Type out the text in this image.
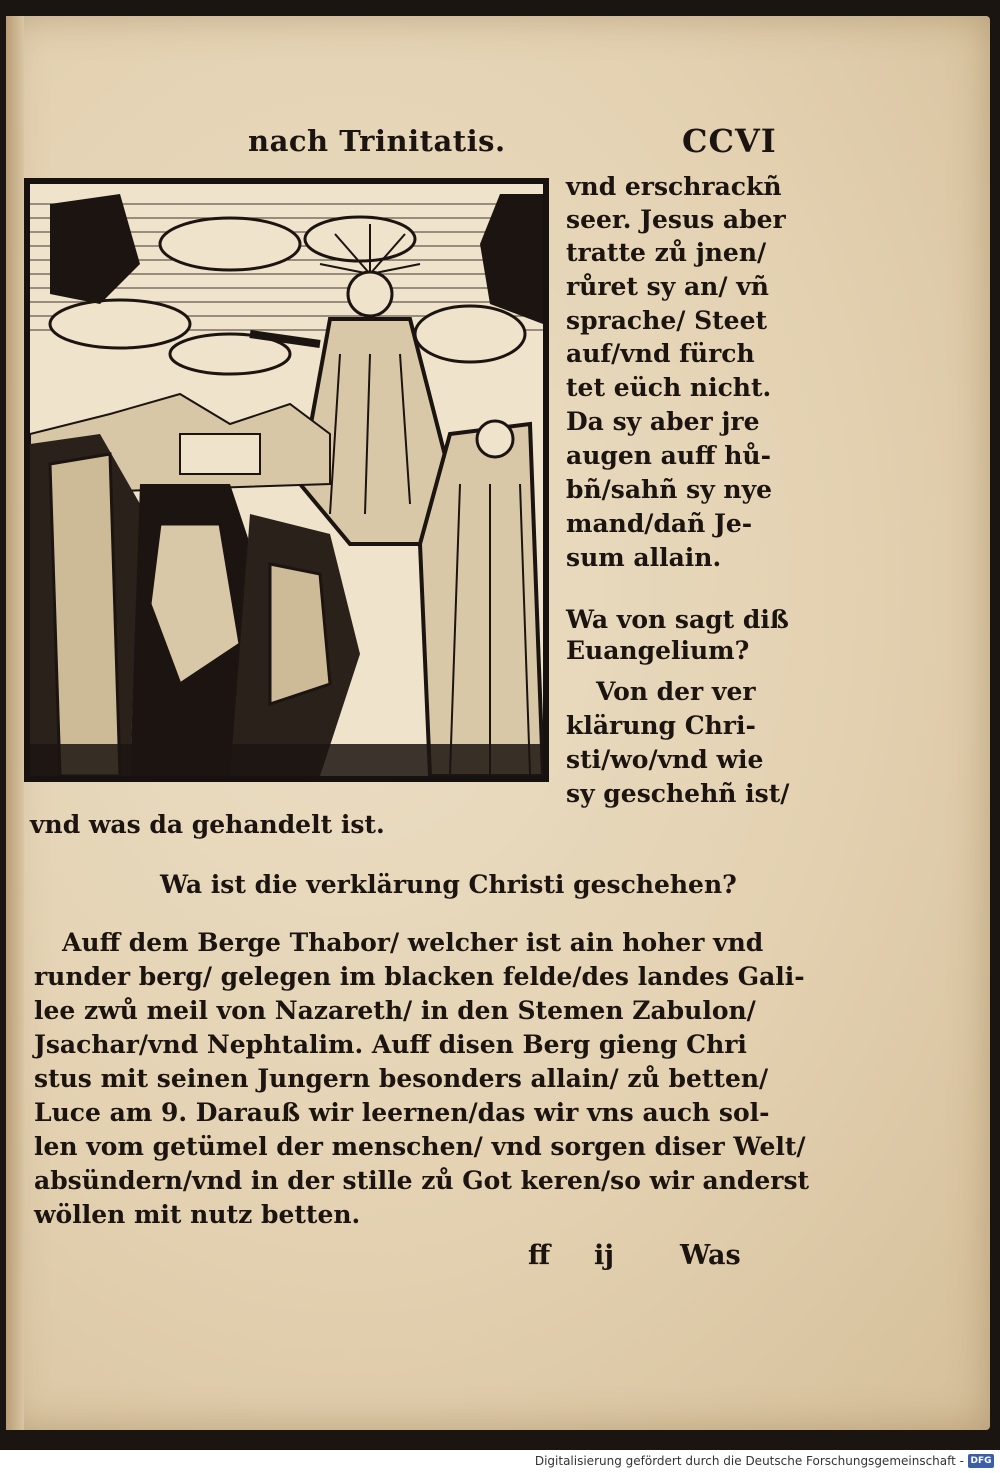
nach Trinitatis.	CCVI
vnd erschrackñ
seer. Jesus aber
tratte zů jnen/
růret sy an/ vñ
sprache/ Steet
auf/vnd fürch
tet eüch nicht.
Da sy aber jre
augen auff hů-
bñ/sahñ sy nye
mand/dañ Je-
sum allain.
Wa von sagt diß
Euangelium?
Von der ver
klärung Chri-
sti/wo/vnd wie
sy geschehñ ist/
vnd was da gehandelt ist.
Wa ist die verklärung Christi geschehen?
Auff dem Berge Thabor/ welcher ist ain hoher vnd
runder berg/ gelegen im blacken felde/des landes Gali-
lee zwů meil von Nazareth/ in den Stemen Zabulon/
Jsachar/vnd Nephtalim. Auff disen Berg gieng Chri
stus mit seinen Jungern besonders allain/ zů betten/
Luce am 9. Darauß wir leernen/das wir vns auch sol-
len vom getümel der menschen/ vnd sorgen diser Welt/
absündern/vnd in der stille zů Got keren/so wir anderst
wöllen mit nutz betten.
ff ij Was
Digitalisierung gefördert durch die Deutsche Forschungsgemeinschaft - DFG
